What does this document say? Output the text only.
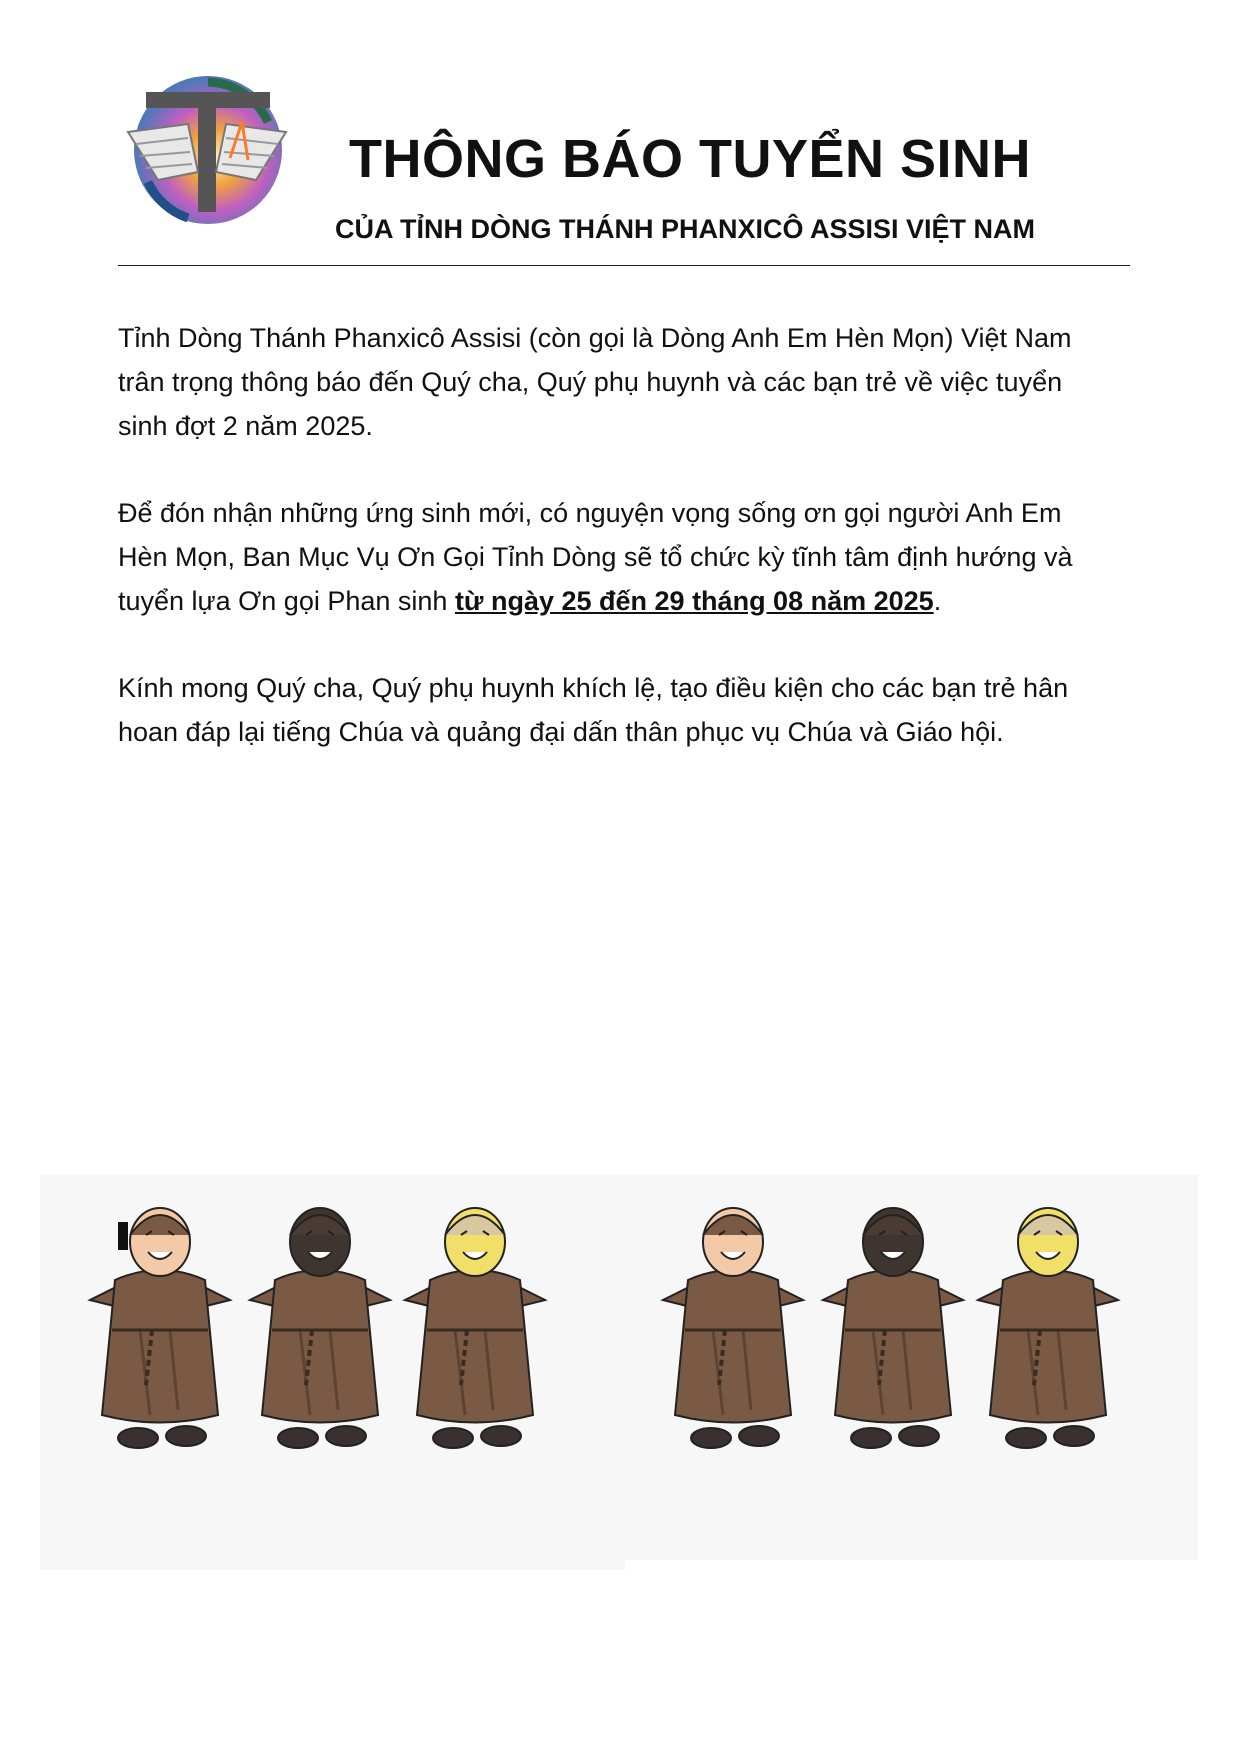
THÔNG BÁO TUYỂN SINH
CỦA TỈNH DÒNG THÁNH PHANXICÔ ASSISI VIỆT NAM

Tỉnh Dòng Thánh Phanxicô Assisi (còn gọi là Dòng Anh Em Hèn Mọn) Việt Nam trân trọng thông báo đến Quý cha, Quý phụ huynh và các bạn trẻ về việc tuyển sinh đợt 2 năm 2025.

Để đón nhận những ứng sinh mới, có nguyện vọng sống ơn gọi người Anh Em Hèn Mọn, Ban Mục Vụ Ơn Gọi Tỉnh Dòng sẽ tổ chức kỳ tĩnh tâm định hướng và tuyển lựa Ơn gọi Phan sinh từ ngày 25 đến 29 tháng 08 năm 2025.

Kính mong Quý cha, Quý phụ huynh khích lệ, tạo điều kiện cho các bạn trẻ hân hoan đáp lại tiếng Chúa và quảng đại dấn thân phục vụ Chúa và Giáo hội.
